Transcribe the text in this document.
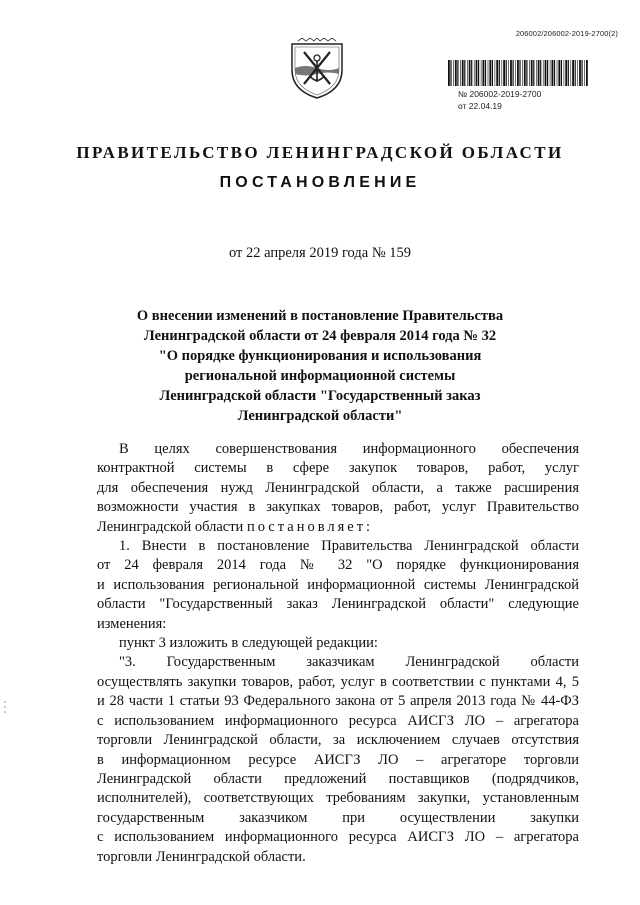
206002/206002-2019-2700(2)
№ 206002-2019-2700
от 22.04.19
ПРАВИТЕЛЬСТВО ЛЕНИНГРАДСКОЙ ОБЛАСТИ
ПОСТАНОВЛЕНИЕ
от 22 апреля 2019 года № 159
О внесении изменений в постановление Правительства
Ленинградской области от 24 февраля 2014 года № 32
"О порядке функционирования и использования
региональной информационной системы
Ленинградской области "Государственный заказ
Ленинградской области"
В целях совершенствования информационного обеспечения
контрактной системы в сфере закупок товаров, работ, услуг
для обеспечения нужд Ленинградской области, а также расширения
возможности участия в закупках товаров, работ, услуг Правительство
Ленинградской области постановляет:
1. Внести в постановление Правительства Ленинградской области
от 24 февраля 2014 года № 32 "О порядке функционирования
и использования региональной информационной системы Ленинградской
области "Государственный заказ Ленинградской области" следующие
изменения:
пункт 3 изложить в следующей редакции:
"3. Государственным заказчикам Ленинградской области
осуществлять закупки товаров, работ, услуг в соответствии с пунктами 4, 5
и 28 части 1 статьи 93 Федерального закона от 5 апреля 2013 года № 44-ФЗ
с использованием информационного ресурса АИСГЗ ЛО – агрегатора
торговли Ленинградской области, за исключением случаев отсутствия
в информационном ресурсе АИСГЗ ЛО – агрегаторе торговли
Ленинградской области предложений поставщиков (подрядчиков,
исполнителей), соответствующих требованиям закупки, установленным
государственным заказчиком при осуществлении закупки
с использованием информационного ресурса АИСГЗ ЛО – агрегатора
торговли Ленинградской области.
